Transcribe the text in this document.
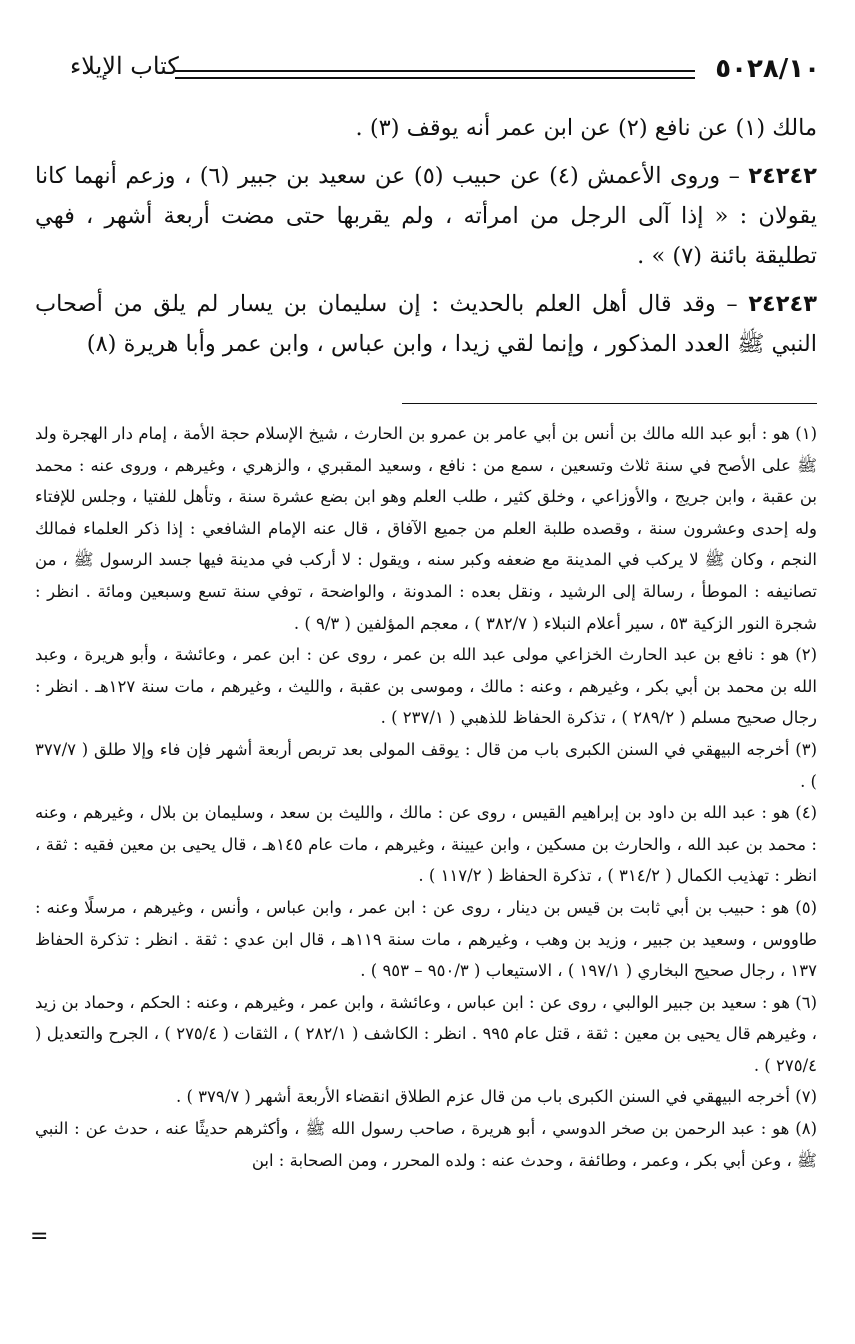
٥٠٢٨/١٠
كتاب الإيلاء

مالك (١) عن نافع (٢) عن ابن عمر أنه يوقف (٣) .

٢٤٢٤٢ – وروى الأعمش (٤) عن حبيب (٥) عن سعيد بن جبير (٦) ، وزعم أنهما كانا يقولان : « إذا آلى الرجل من امرأته ، ولم يقربها حتى مضت أربعة أشهر ، فهي تطليقة بائنة (٧) » .

٢٤٢٤٣ – وقد قال أهل العلم بالحديث : إن سليمان بن يسار لم يلق من أصحاب النبي ﷺ العدد المذكور ، وإنما لقي زيدا ، وابن عباس ، وابن عمر وأبا هريرة (٨)

(١) هو : أبو عبد الله مالك بن أنس بن أبي عامر بن عمرو بن الحارث ، شيخ الإسلام حجة الأمة ، إمام دار الهجرة ولد ﷺ على الأصح في سنة ثلاث وتسعين ، سمع من : نافع ، وسعيد المقبري ، والزهري ، وغيرهم ، وروى عنه : محمد بن عقبة ، وابن جريج ، والأوزاعي ، وخلق كثير ، طلب العلم وهو ابن بضع عشرة سنة ، وتأهل للفتيا ، وجلس للإفتاء وله إحدى وعشرون سنة ، وقصده طلبة العلم من جميع الآفاق ، قال عنه الإمام الشافعي : إذا ذكر العلماء فمالك النجم ، وكان ﷺ لا يركب في المدينة مع ضعفه وكبر سنه ، ويقول : لا أركب في مدينة فيها جسد الرسول ﷺ ، من تصانيفه : الموطأ ، رسالة إلى الرشيد ، ونقل بعده : المدونة ، والواضحة ، توفي سنة تسع وسبعين ومائة . انظر : شجرة النور الزكية ٥٣ ، سير أعلام النبلاء ( ٣٨٢/٧ ) ، معجم المؤلفين ( ٩/٣ ) .

(٢) هو : نافع بن عبد الحارث الخزاعي مولى عبد الله بن عمر ، روى عن : ابن عمر ، وعائشة ، وأبو هريرة ، وعبد الله بن محمد بن أبي بكر ، وغيرهم ، وعنه : مالك ، وموسى بن عقبة ، والليث ، وغيرهم ، مات سنة ١٢٧هـ . انظر : رجال صحيح مسلم ( ٢٨٩/٢ ) ، تذكرة الحفاظ للذهبي ( ٢٣٧/١ ) .

(٣) أخرجه البيهقي في السنن الكبرى باب من قال : يوقف المولى بعد تربص أربعة أشهر فإن فاء وإلا طلق ( ٣٧٧/٧ ) .

(٤) هو : عبد الله بن داود بن إبراهيم القيس ، روى عن : مالك ، والليث بن سعد ، وسليمان بن بلال ، وغيرهم ، وعنه : محمد بن عبد الله ، والحارث بن مسكين ، وابن عيينة ، وغيرهم ، مات عام ١٤٥هـ ، قال يحيى بن معين فقيه : ثقة ، انظر : تهذيب الكمال ( ٣١٤/٢ ) ، تذكرة الحفاظ ( ١١٧/٢ ) .

(٥) هو : حبيب بن أبي ثابت بن قيس بن دينار ، روى عن : ابن عمر ، وابن عباس ، وأنس ، وغيرهم ، مرسلًا وعنه : طاووس ، وسعيد بن جبير ، وزيد بن وهب ، وغيرهم ، مات سنة ١١٩هـ ، قال ابن عدي : ثقة . انظر : تذكرة الحفاظ ١٣٧ ، رجال صحيح البخاري ( ١٩٧/١ ) ، الاستيعاب ( ٩٥٠/٣ – ٩٥٣ ) .

(٦) هو : سعيد بن جبير الوالبي ، روى عن : ابن عباس ، وعائشة ، وابن عمر ، وغيرهم ، وعنه : الحكم ، وحماد بن زيد ، وغيرهم قال يحيى بن معين : ثقة ، قتل عام ٩٩٥ . انظر : الكاشف ( ٢٨٢/١ ) ، الثقات ( ٢٧٥/٤ ) ، الجرح والتعديل ( ٢٧٥/٤ ) .

(٧) أخرجه البيهقي في السنن الكبرى باب من قال عزم الطلاق انقضاء الأربعة أشهر ( ٣٧٩/٧ ) .

(٨) هو : عبد الرحمن بن صخر الدوسي ، أبو هريرة ، صاحب رسول الله ﷺ ، وأكثرهم حديثًا عنه ، حدث عن : النبي ﷺ ، وعن أبي بكر ، وعمر ، وطائفة ، وحدث عنه : ولده المحرر ، ومن الصحابة : ابن

=
